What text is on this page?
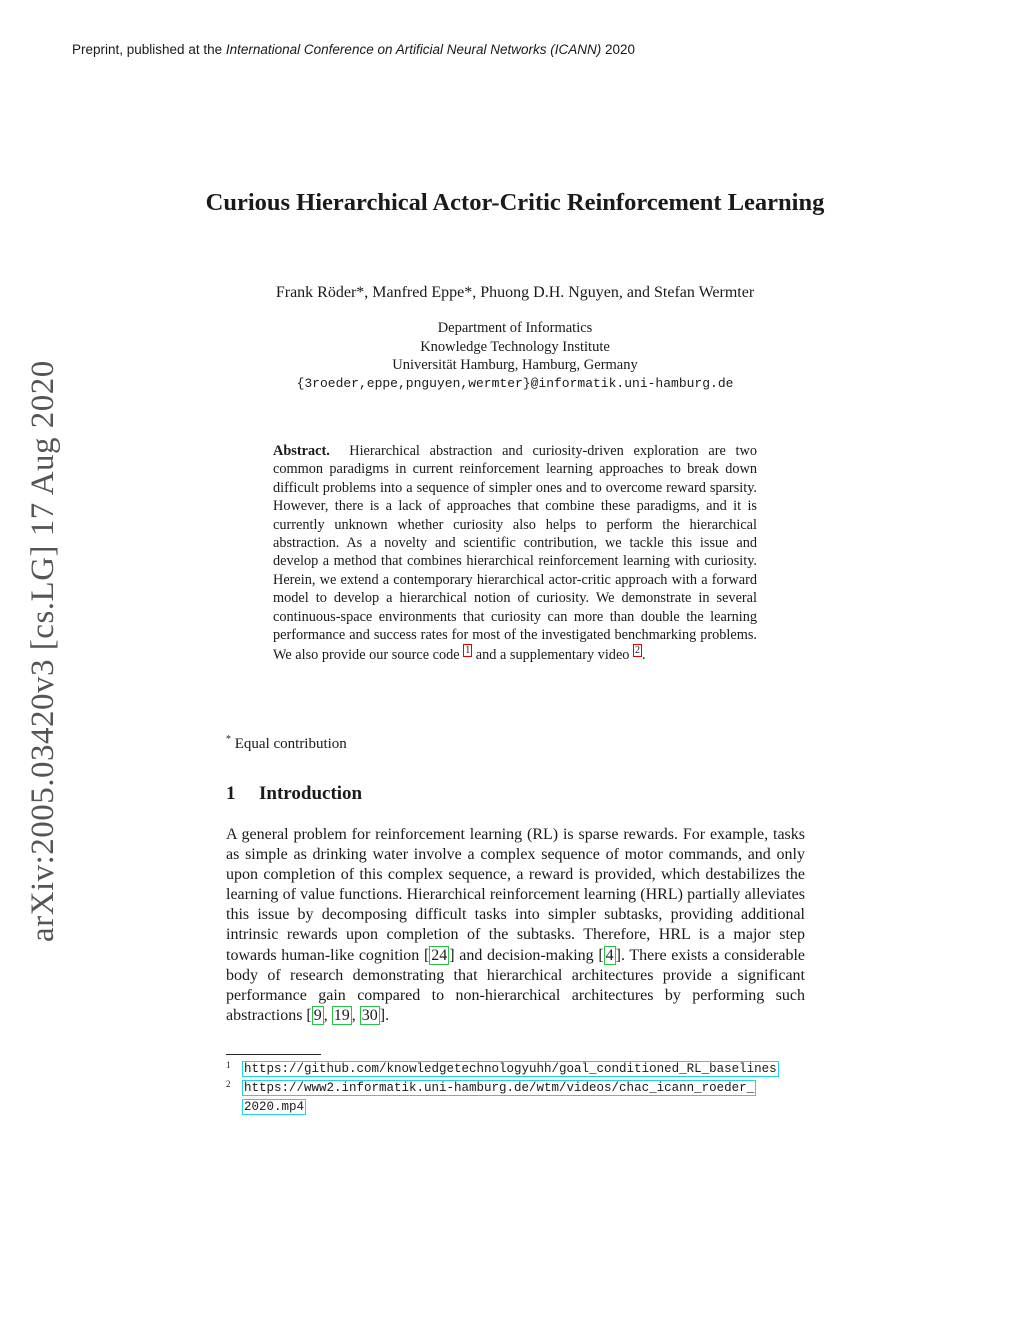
Preprint, published at the International Conference on Artificial Neural Networks (ICANN) 2020
arXiv:2005.03420v3 [cs.LG] 17 Aug 2020
Curious Hierarchical Actor-Critic Reinforcement Learning
Frank Röder*, Manfred Eppe*, Phuong D.H. Nguyen, and Stefan Wermter
Department of Informatics
Knowledge Technology Institute
Universität Hamburg, Hamburg, Germany
{3roeder,eppe,pnguyen,wermter}@informatik.uni-hamburg.de
Abstract. Hierarchical abstraction and curiosity-driven exploration are two common paradigms in current reinforcement learning approaches to break down difficult problems into a sequence of simpler ones and to overcome reward sparsity. However, there is a lack of approaches that combine these paradigms, and it is currently unknown whether curiosity also helps to perform the hierarchical abstraction. As a novelty and scientific contribution, we tackle this issue and develop a method that combines hierarchical reinforcement learning with curiosity. Herein, we extend a contemporary hierarchical actor-critic approach with a forward model to develop a hierarchical notion of curiosity. We demonstrate in several continuous-space environments that curiosity can more than double the learning performance and success rates for most of the investigated benchmarking problems. We also provide our source code 1 and a supplementary video 2 .
* Equal contribution
1 Introduction
A general problem for reinforcement learning (RL) is sparse rewards. For example, tasks as simple as drinking water involve a complex sequence of motor commands, and only upon completion of this complex sequence, a reward is provided, which destabilizes the learning of value functions. Hierarchical reinforcement learning (HRL) partially alleviates this issue by decomposing difficult tasks into simpler subtasks, providing additional intrinsic rewards upon completion of the subtasks. Therefore, HRL is a major step towards human-like cognition [ 24 ] and decision-making [ 4 ]. There exists a considerable body of research demonstrating that hierarchical architectures provide a significant performance gain compared to non-hierarchical architectures by performing such abstractions [ 9 , 19 , 30 ].
$^1$ https://github.com/knowledgetechnologyuhh/goal_conditioned_RL_baselines
$^2$ https://www2.informatik.uni-hamburg.de/wtm/videos/chac_icann_roeder_
2020.mp4
